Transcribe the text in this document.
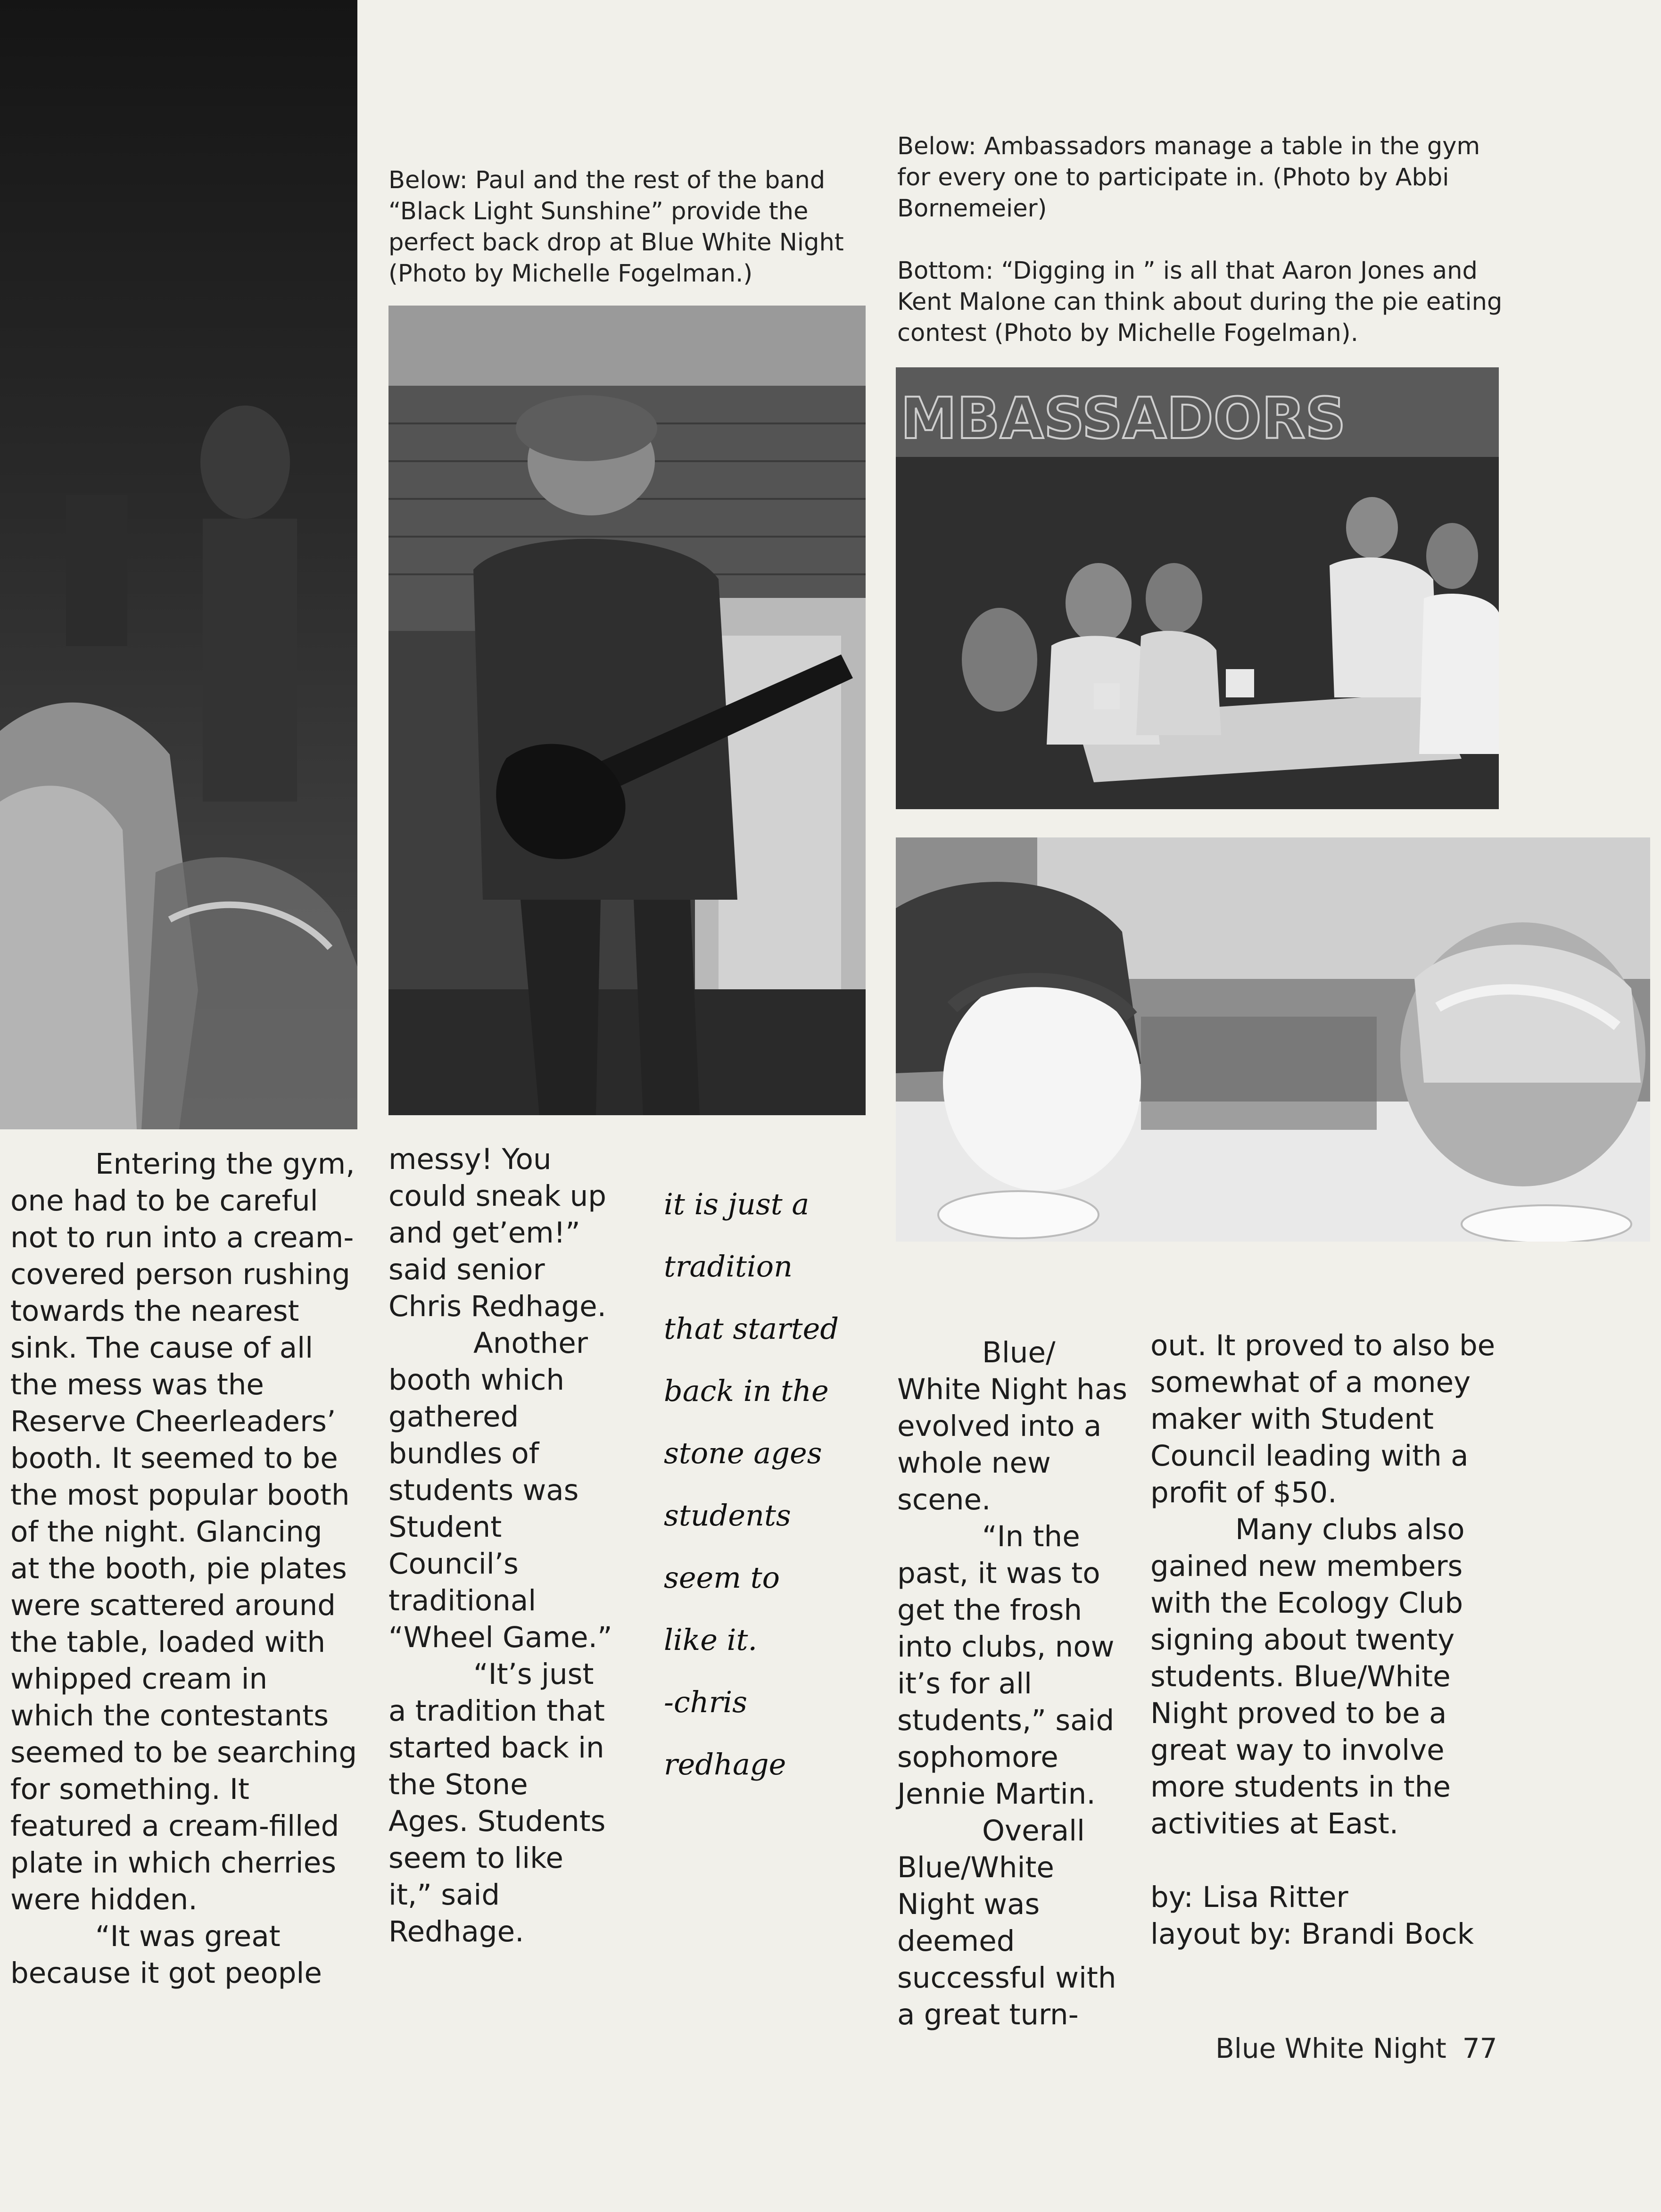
Below: Paul and the rest of the band “Black Light Sunshine” provide the perfect back drop at Blue White Night (Photo by Michelle Fogelman.)

Below: Ambassadors manage a table in the gym for every one to participate in. (Photo by Abbi Bornemeier)

Bottom: “Digging in ” is all that Aaron Jones and Kent Malone can think about during the pie eating contest (Photo by Michelle Fogelman).

MBASSADORS

Entering the gym, one had to be careful not to run into a cream-covered person rushing towards the nearest sink. The cause of all the mess was the Reserve Cheerleaders’ booth. It seemed to be the most popular booth of the night. Glancing at the booth, pie plates were scattered around the table, loaded with whipped cream in which the contestants seemed to be searching for something. It featured a cream-filled plate in which cherries were hidden.

“It was great because it got people

messy! You could sneak up and get’em!” said senior Chris Redhage.

Another booth which gathered bundles of students was Student Council’s traditional “Wheel Game.”

“It’s just a tradition that started back in the Stone Ages. Students seem to like it,” said Redhage.

it is just a

tradition

that started

back in the

stone ages

students

seem to

like it.

-chris

redhage

Blue/ White Night has evolved into a whole new scene.

“In the past, it was to get the frosh into clubs, now it’s for all students,” said sophomore Jennie Martin.

Overall Blue/White Night was deemed successful with a great turn-

out. It proved to also be somewhat of a money maker with Student Council leading with a profit of $50.

Many clubs also gained new members with the Ecology Club signing about twenty students. Blue/White Night proved to be a great way to involve more students in the activities at East.

by: Lisa Ritter

layout by: Brandi Bock

Blue White Night 77
